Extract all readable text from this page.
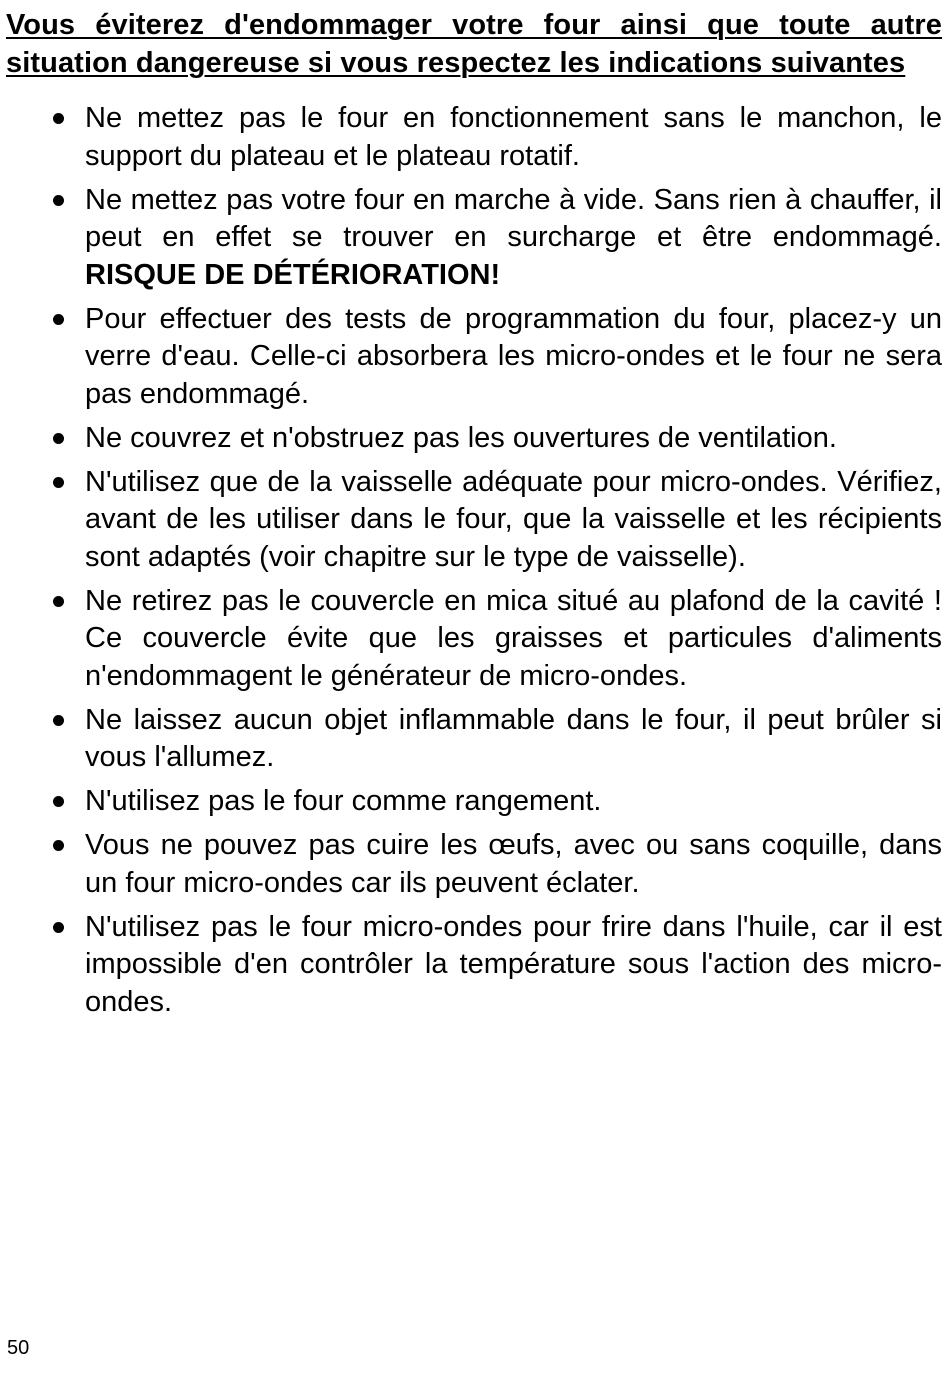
Vous éviterez d'endommager votre four ainsi que toute autre situation dangereuse si vous respectez les indications suivantes
Ne mettez pas le four en fonctionnement sans le manchon, le support du plateau et le plateau rotatif.
Ne mettez pas votre four en marche à vide. Sans rien à chauffer, il peut en effet se trouver en surcharge et être endommagé. RISQUE DE DÉTÉRIORATION!
Pour effectuer des tests de programmation du four, placez-y un verre d'eau. Celle-ci absorbera les micro-ondes et le four ne sera pas endommagé.
Ne couvrez et n'obstruez pas les ouvertures de ventilation.
N'utilisez que de la vaisselle adéquate pour micro-ondes. Vérifiez, avant de les utiliser dans le four, que la vaisselle et les récipients sont adaptés (voir chapitre sur le type de vaisselle).
Ne retirez pas le couvercle en mica situé au plafond de la cavité ! Ce couvercle évite que les graisses et particules d'aliments n'endommagent le générateur de micro-ondes.
Ne laissez aucun objet inflammable dans le four, il peut brûler si vous l'allumez.
N'utilisez pas le four comme rangement.
Vous ne pouvez pas cuire les œufs, avec ou sans coquille, dans un four micro-ondes car ils peuvent éclater.
N'utilisez pas le four micro-ondes pour frire dans l'huile, car il est impossible d'en contrôler la température sous l'action des micro-ondes.
50
